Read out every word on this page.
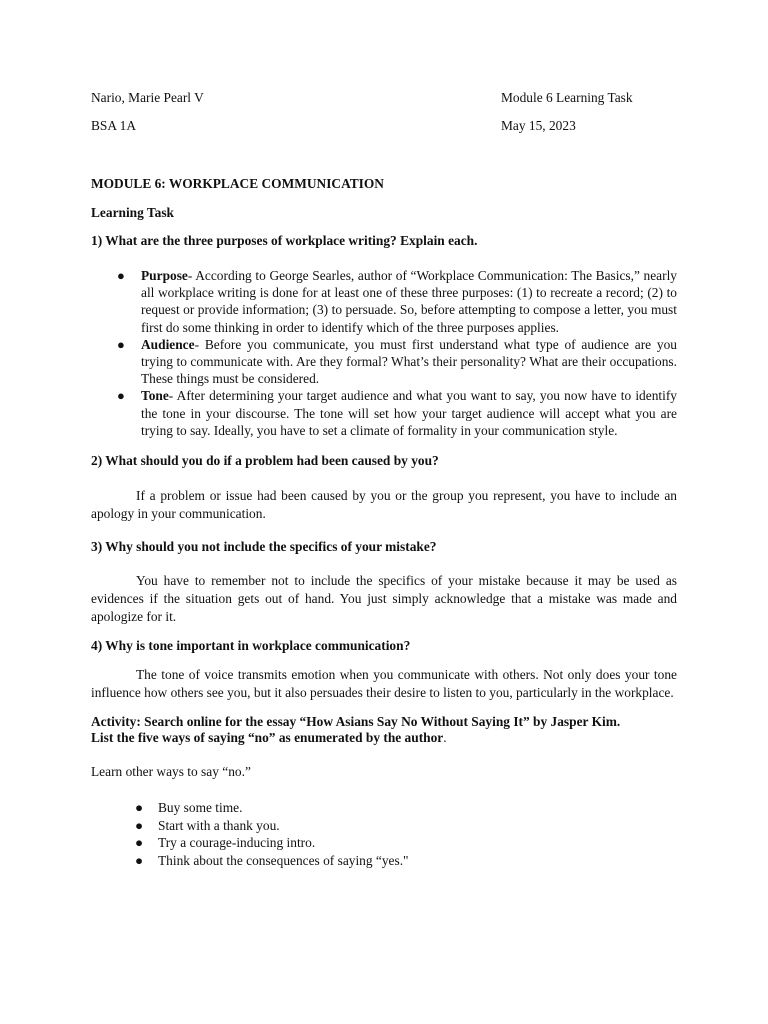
Nario, Marie Pearl V	Module 6 Learning Task
BSA 1A	May 15, 2023
MODULE 6: WORKPLACE COMMUNICATION
Learning Task
1) What are the three purposes of workplace writing? Explain each.
● Purpose- According to George Searles, author of “Workplace Communication: The Basics,” nearly all workplace writing is done for at least one of these three purposes: (1) to recreate a record; (2) to request or provide information; (3) to persuade. So, before attempting to compose a letter, you must first do some thinking in order to identify which of the three purposes applies.
● Audience- Before you communicate, you must first understand what type of audience are you trying to communicate with. Are they formal? What’s their personality? What are their occupations. These things must be considered.
● Tone- After determining your target audience and what you want to say, you now have to identify the tone in your discourse. The tone will set how your target audience will accept what you are trying to say. Ideally, you have to set a climate of formality in your communication style.
2) What should you do if a problem had been caused by you?
If a problem or issue had been caused by you or the group you represent, you have to include an apology in your communication.
3) Why should you not include the specifics of your mistake?
You have to remember not to include the specifics of your mistake because it may be used as evidences if the situation gets out of hand. You just simply acknowledge that a mistake was made and apologize for it.
4) Why is tone important in workplace communication?
The tone of voice transmits emotion when you communicate with others. Not only does your tone influence how others see you, but it also persuades their desire to listen to you, particularly in the workplace.
Activity: Search online for the essay “How Asians Say No Without Saying It” by Jasper Kim.
List the five ways of saying “no” as enumerated by the author.
Learn other ways to say “no.”
● Buy some time.
● Start with a thank you.
● Try a courage-inducing intro.
● Think about the consequences of saying “yes."
